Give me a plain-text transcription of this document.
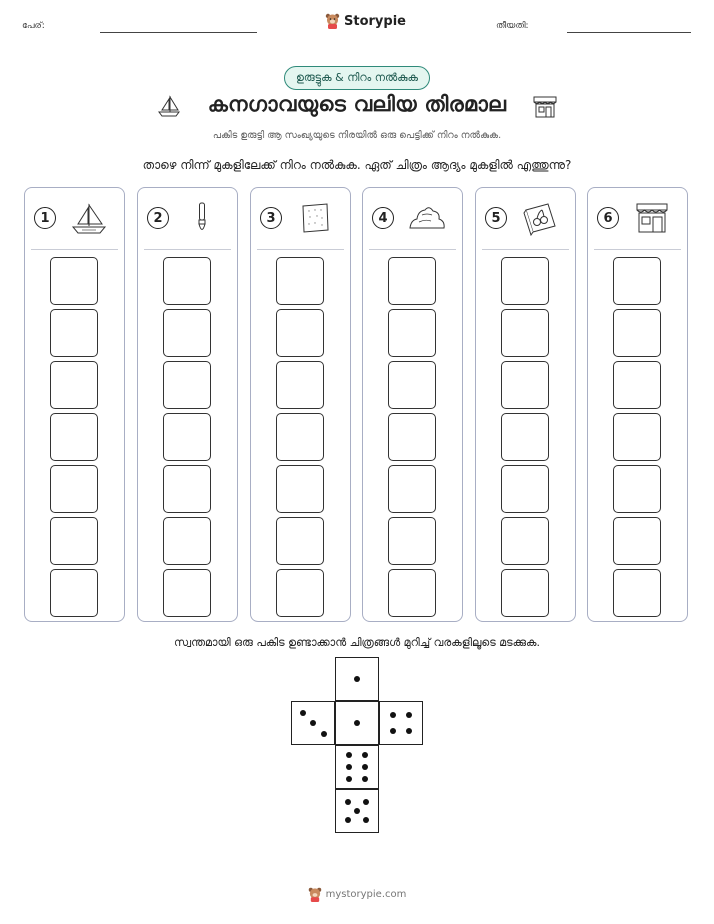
പേര്:	Storypie	തീയതി:
ഉരുട്ടുക & നിറം നൽകുക
കനഗാവയുടെ വലിയ തിരമാല
പകിട ഉരുട്ടി ആ സംഖ്യയുടെ നിരയിൽ ഒരു പെട്ടിക്ക് നിറം നൽകുക.
താഴെ നിന്ന് മുകളിലേക്ക് നിറം നൽകുക. ഏത് ചിത്രം ആദ്യം മുകളിൽ എത്തുന്നു?
1	2	3	4	5	6
സ്വന്തമായി ഒരു പകിട ഉണ്ടാക്കാൻ ചിത്രങ്ങൾ മുറിച്ച് വരകളിലൂടെ മടക്കുക.
mystorypie.com
